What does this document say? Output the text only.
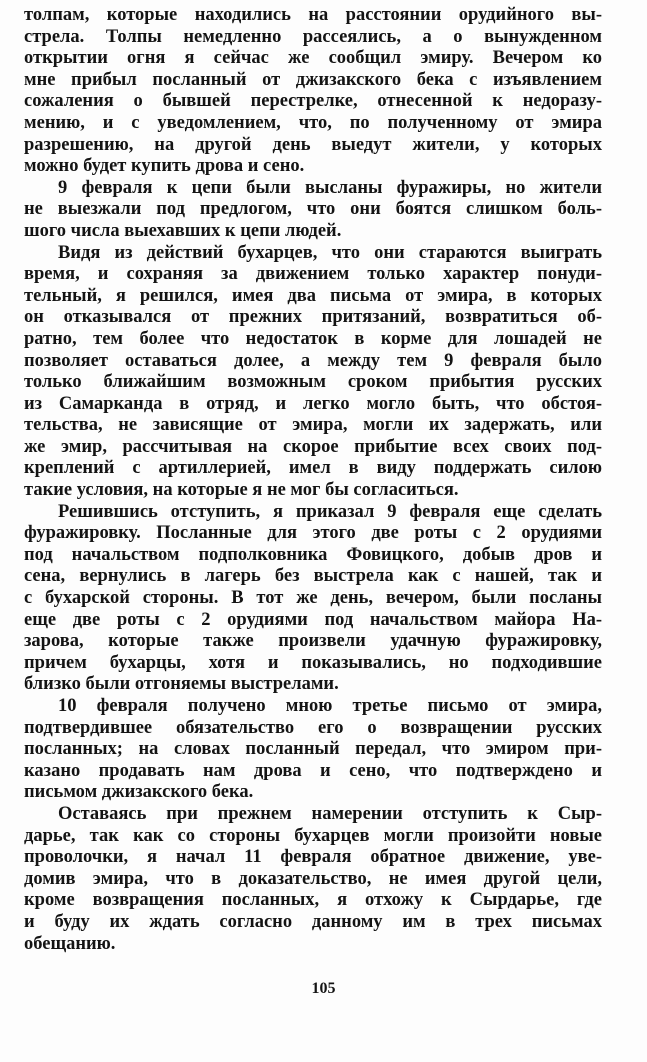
толпам, которые находились на расстоянии орудийного вы-
стрела. Толпы немедленно рассеялись, а о вынужденном
открытии огня я сейчас же сообщил эмиру. Вечером ко
мне прибыл посланный от джизакского бека с изъявлением
сожаления о бывшей перестрелке, отнесенной к недоразу-
мению, и с уведомлением, что, по полученному от эмира
разрешению, на другой день выедут жители, у которых
можно будет купить дрова и сено.
9 февраля к цепи были высланы фуражиры, но жители
не выезжали под предлогом, что они боятся слишком боль-
шого числа выехавших к цепи людей.
Видя из действий бухарцев, что они стараются выиграть
время, и сохраняя за движением только характер понуди-
тельный, я решился, имея два письма от эмира, в которых
он отказывался от прежних притязаний, возвратиться об-
ратно, тем более что недостаток в корме для лошадей не
позволяет оставаться долее, а между тем 9 февраля было
только ближайшим возможным сроком прибытия русских
из Самарканда в отряд, и легко могло быть, что обстоя-
тельства, не зависящие от эмира, могли их задержать, или
же эмир, рассчитывая на скорое прибытие всех своих под-
креплений с артиллерией, имел в виду поддержать силою
такие условия, на которые я не мог бы согласиться.
Решившись отступить, я приказал 9 февраля еще сделать
фуражировку. Посланные для этого две роты с 2 орудиями
под начальством подполковника Фовицкого, добыв дров и
сена, вернулись в лагерь без выстрела как с нашей, так и
с бухарской стороны. В тот же день, вечером, были посланы
еще две роты с 2 орудиями под начальством майора На-
зарова, которые также произвели удачную фуражировку,
причем бухарцы, хотя и показывались, но подходившие
близко были отгоняемы выстрелами.
10 февраля получено мною третье письмо от эмира,
подтвердившее обязательство его о возвращении русских
посланных; на словах посланный передал, что эмиром при-
казано продавать нам дрова и сено, что подтверждено и
письмом джизакского бека.
Оставаясь при прежнем намерении отступить к Сыр-
дарье, так как со стороны бухарцев могли произойти новые
проволочки, я начал 11 февраля обратное движение, уве-
домив эмира, что в доказательство, не имея другой цели,
кроме возвращения посланных, я отхожу к Сырдарье, где
и буду их ждать согласно данному им в трех письмах
обещанию.
105
